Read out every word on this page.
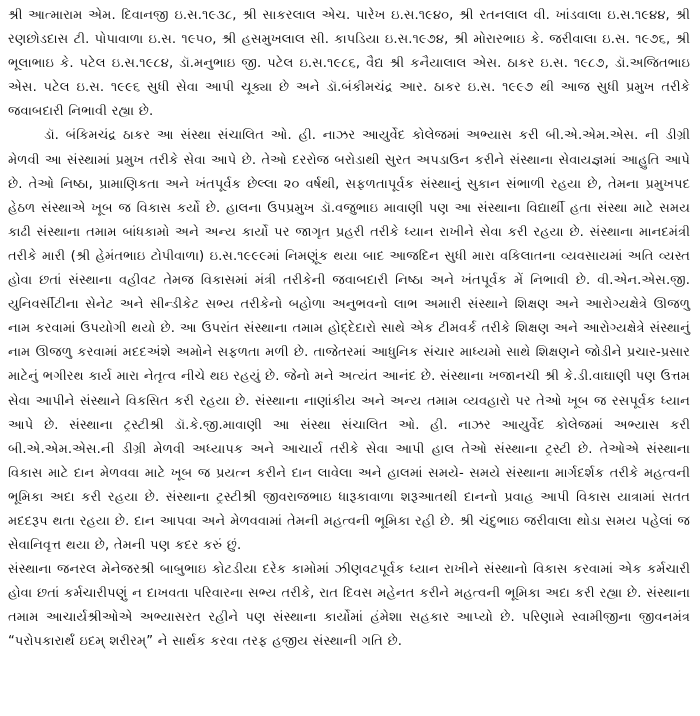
શ્રી આત્મારામ એમ. દિવાનજી ઇ.સ.૧૯૩૮, શ્રી સાકરલાલ એચ. પારેખ ઇ.સ.૧૯૪૦, શ્રી રતનલાલ વી. ખાંડવાલા ઇ.સ.૧૯૪૪, શ્રી રણછોડદાસ ટી. પોપાવાળા ઇ.સ. ૧૯૫૦, શ્રી હસમુખલાલ સી. કાપડિયા ઇ.સ.૧૯૭૪, શ્રી મોરારભાઇ કે. જરીવાલા ઇ.સ. ૧૯૭૬, શ્રી ભૂલાભાઇ કે. પટેલ ઇ.સ.૧૯૮૪, ડૉ.મનુભાઇ જી. પટેલ ઇ.સ.૧૯૮૬, વૈદ્ય શ્રી કનૈયાલાલ એસ. ઠાકર ઇ.સ. ૧૯૮૭, ડૉ.અજિતભાઇ એસ. પટેલ ઇ.સ. ૧૯૯૬ સુધી સેવા આપી ચૂક્યા છે અને ડૉ.બંકીમચંદ્ર આર. ઠાકર ઇ.સ. ૧૯૯૭ થી આજ સુધી પ્રમુખ તરીકે જવાબદારી નિભાવી રહ્યા છે.

ડૉ. બંકિમચંદ્ર ઠાકર આ સંસ્થા સંચાલિત ઓ. હી. નાઝર આયુર્વેદ કોલેજમાં અભ્યાસ કરી બી.એ.એમ.એસ. ની ડીગ્રી મેળવી આ સંસ્થામાં પ્રમુખ તરીકે સેવા આપે છે. તેઓ દરરોજ બરોડાથી સુરત અપડાઉન કરીને સંસ્થાના સેવાયજ્ઞમાં આહુતિ આપે છે. તેઓ નિષ્ઠા, પ્રામાણિકતા અને ખંતપૂર્વક છેલ્લા ૨૦ વર્ષથી, સફળતાપૂર્વક સંસ્થાનું સુકાન સંભાળી રહયા છે, તેમના પ્રમુખપદ હેઠળ સંસ્થાએ ખૂબ જ વિકાસ કર્યો છે. હાલના ઉપપ્રમુખ ડૉ.વજુભાઇ માવાણી પણ આ સંસ્થાના વિદ્યાર્થી હતા સંસ્થા માટે સમય કાઢી સંસ્થાના તમામ બાંધકામો અને અન્ય કાર્યો પર જાગૃત પ્રહરી તરીકે ધ્યાન રાખીને સેવા કરી રહયા છે. સંસ્થાના માનદમંત્રી તરીકે મારી (શ્રી હેમંતભાઇ ટોપીવાળા) ઇ.સ.૧૯૯૯માં નિમણૂંક થયા બાદ આજદિન સુધી મારા વકિલાતના વ્યવસાયમાં અતિ વ્યસ્ત હોવા છતાં સંસ્થાના વહીવટ તેમજ વિકાસમાં મંત્રી તરીકેની જવાબદારી નિષ્ઠા અને ખંતપૂર્વક મેં નિભાવી છે. વી.એન.એસ.જી. યુનિવર્સીટીના સેનેટ અને સીન્ડીકેટ સભ્ય તરીકેનો બહોળા અનુભવનો લાભ અમારી સંસ્થાને શિક્ષણ અને આરોગ્યક્ષેત્રે ઊજળુ નામ કરવામાં ઉપયોગી થયો છે. આ ઉપરાંત સંસ્થાના તમામ હોદ્દેદારો સાથે એક ટીમવર્ક તરીકે શિક્ષણ અને આરોગ્યક્ષેત્રે સંસ્થાનું નામ ઊજળુ કરવામાં મદદઅંશે અમોને સફળતા મળી છે. તાજેતરમાં આધુનિક સંચાર માધ્યમો સાથે શિક્ષણને જોડીને પ્રચાર-પ્રસાર માટેનું ભગીરથ કાર્ય મારા નેતૃત્વ નીચે થઇ રહયું છે. જેનો મને અત્યંત આનંદ છે. સંસ્થાના ખજાનચી શ્રી કે.ડી.વાઘાણી પણ ઉત્તમ સેવા આપીને સંસ્થાને વિકસિત કરી રહયા છે. સંસ્થાના નાણાંકીય અને અન્ય તમામ વ્યવહારો પર તેઓ ખૂબ જ રસપૂર્વક ધ્યાન આપે છે. સંસ્થાના ટ્રસ્ટીશ્રી ડૉ.કે.જી.માવાણી આ સંસ્થા સંચાલિત ઓ. હી. નાઝર આયુર્વેદ કોલેજમાં અભ્યાસ કરી બી.એ.એમ.એસ.ની ડીગ્રી મેળવી અધ્યાપક અને આચાર્ય તરીકે સેવા આપી હાલ તેઓ સંસ્થાના ટ્રસ્ટી છે. તેઓએ સંસ્થાના વિકાસ માટે દાન મેળવવા માટે ખૂબ જ પ્રયત્ન કરીને દાન લાવેલા અને હાલમાં સમયે- સમયે સંસ્થાના માર્ગદર્શક તરીકે મહત્વની ભૂમિકા અદા કરી રહયા છે. સંસ્થાના ટ્રસ્ટીશ્રી જીવરાજભાઇ ધારૂકાવાળા શરૂઆતથી દાનનો પ્રવાહ આપી વિકાસ યાત્રામાં સતત મદદરૂપ થતા રહયા છે. દાન આપવા અને મેળવવામાં તેમની મહત્વની ભૂમિકા રહી છે. શ્રી ચંદુભાઇ જરીવાલા થોડા સમય પહેલાં જ સેવાનિવૃત્ત થયા છે, તેમની પણ કદર કરું છું.

સંસ્થાના જનરલ મેનેજરશ્રી બાબુભાઇ કોટડીયા દરેક કામોમાં ઝીણવટપૂર્વક ધ્યાન રાખીને સંસ્થાનો વિકાસ કરવામાં એક કર્મચારી હોવા છતાં કર્મચારીપણું ન દાખવતા પરિવારના સભ્ય તરીકે, રાત દિવસ મહેનત કરીને મહત્વની ભૂમિકા અદા કરી રહ્યા છે. સંસ્થાના તમામ આચાર્યશ્રીઓએ અભ્યાસરત રહીને પણ સંસ્થાના કાર્યોમાં હંમેશા સહકાર આપ્યો છે. પરિણામે સ્વામીજીના જીવનમંત્ર “પરોપકારાર્થં ઇદમ્ શરીરમ્” ને સાર્થક કરવા તરફ હજીય સંસ્થાની ગતિ છે.
